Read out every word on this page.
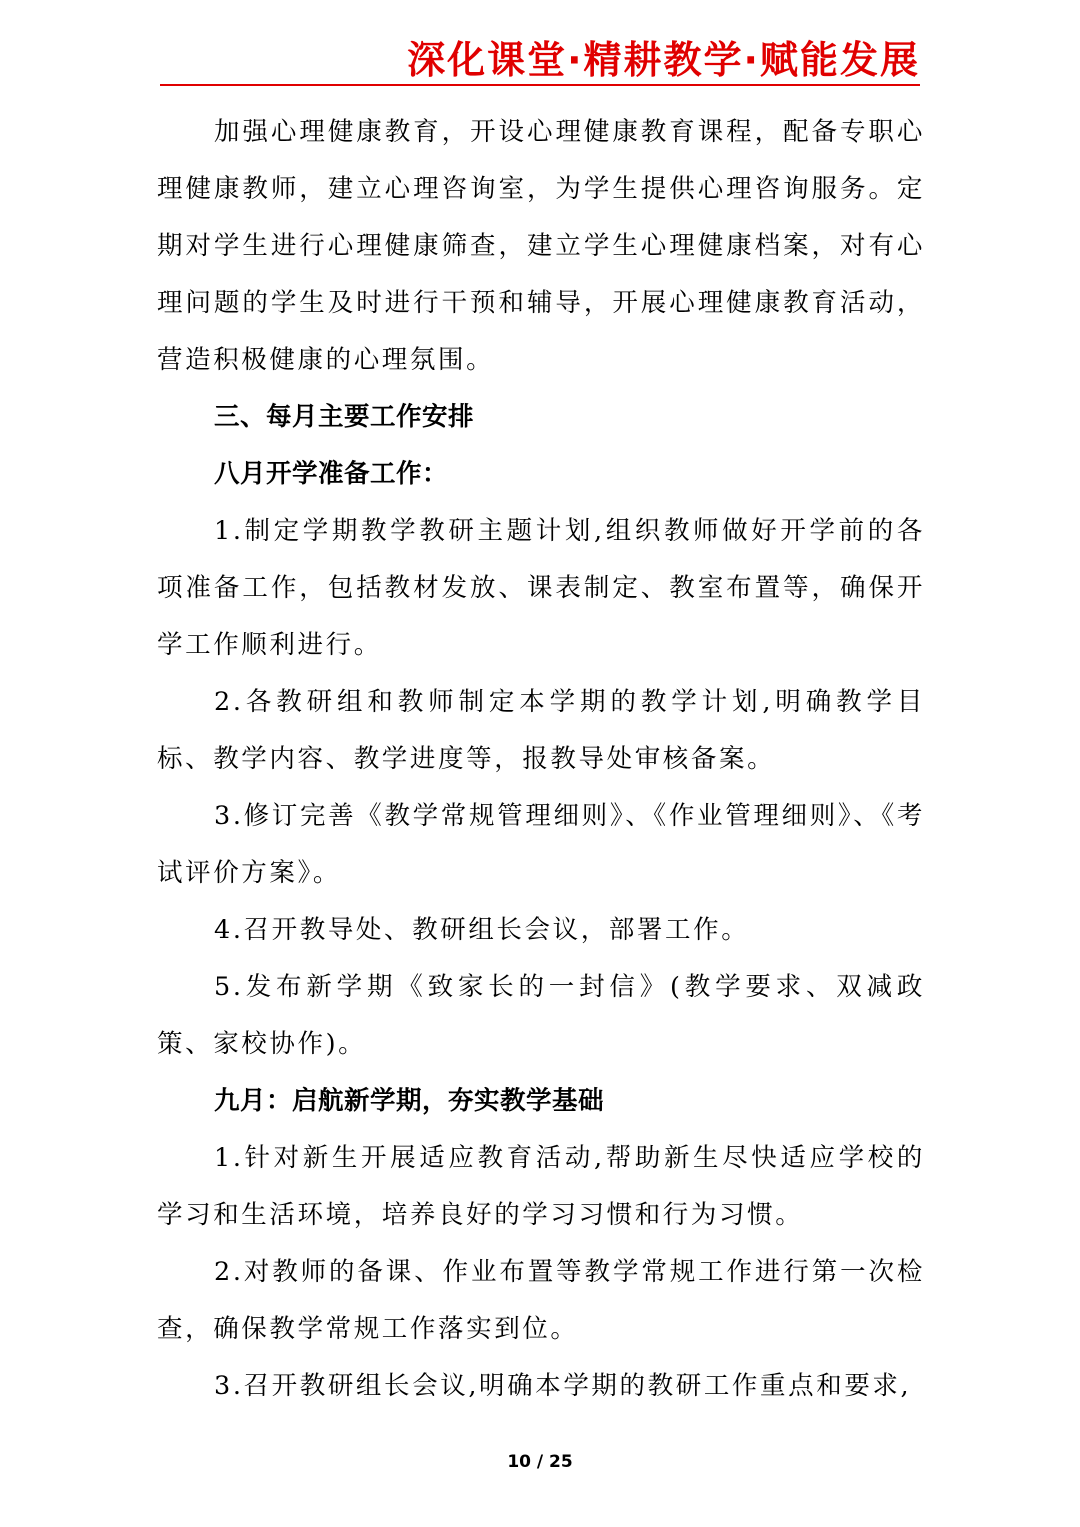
深化课堂·精耕教学·赋能发展

加强心理健康教育，开设心理健康教育课程，配备专职心理健康教师，建立心理咨询室，为学生提供心理咨询服务。定期对学生进行心理健康筛查，建立学生心理健康档案，对有心理问题的学生及时进行干预和辅导，开展心理健康教育活动，营造积极健康的心理氛围。

三、每月主要工作安排

八月开学准备工作：

1.制定学期教学教研主题计划,组织教师做好开学前的各项准备工作，包括教材发放、课表制定、教室布置等，确保开学工作顺利进行。

2.各教研组和教师制定本学期的教学计划,明确教学目标、教学内容、教学进度等，报教导处审核备案。

3.修订完善《教学常规管理细则》、《作业管理细则》、《考试评价方案》。

4.召开教导处、教研组长会议，部署工作。

5.发布新学期《致家长的一封信》(教学要求、双减政策、家校协作)。

九月：启航新学期，夯实教学基础

1.针对新生开展适应教育活动,帮助新生尽快适应学校的学习和生活环境，培养良好的学习习惯和行为习惯。

2.对教师的备课、作业布置等教学常规工作进行第一次检查，确保教学常规工作落实到位。

3.召开教研组长会议,明确本学期的教研工作重点和要求,

10 / 25
